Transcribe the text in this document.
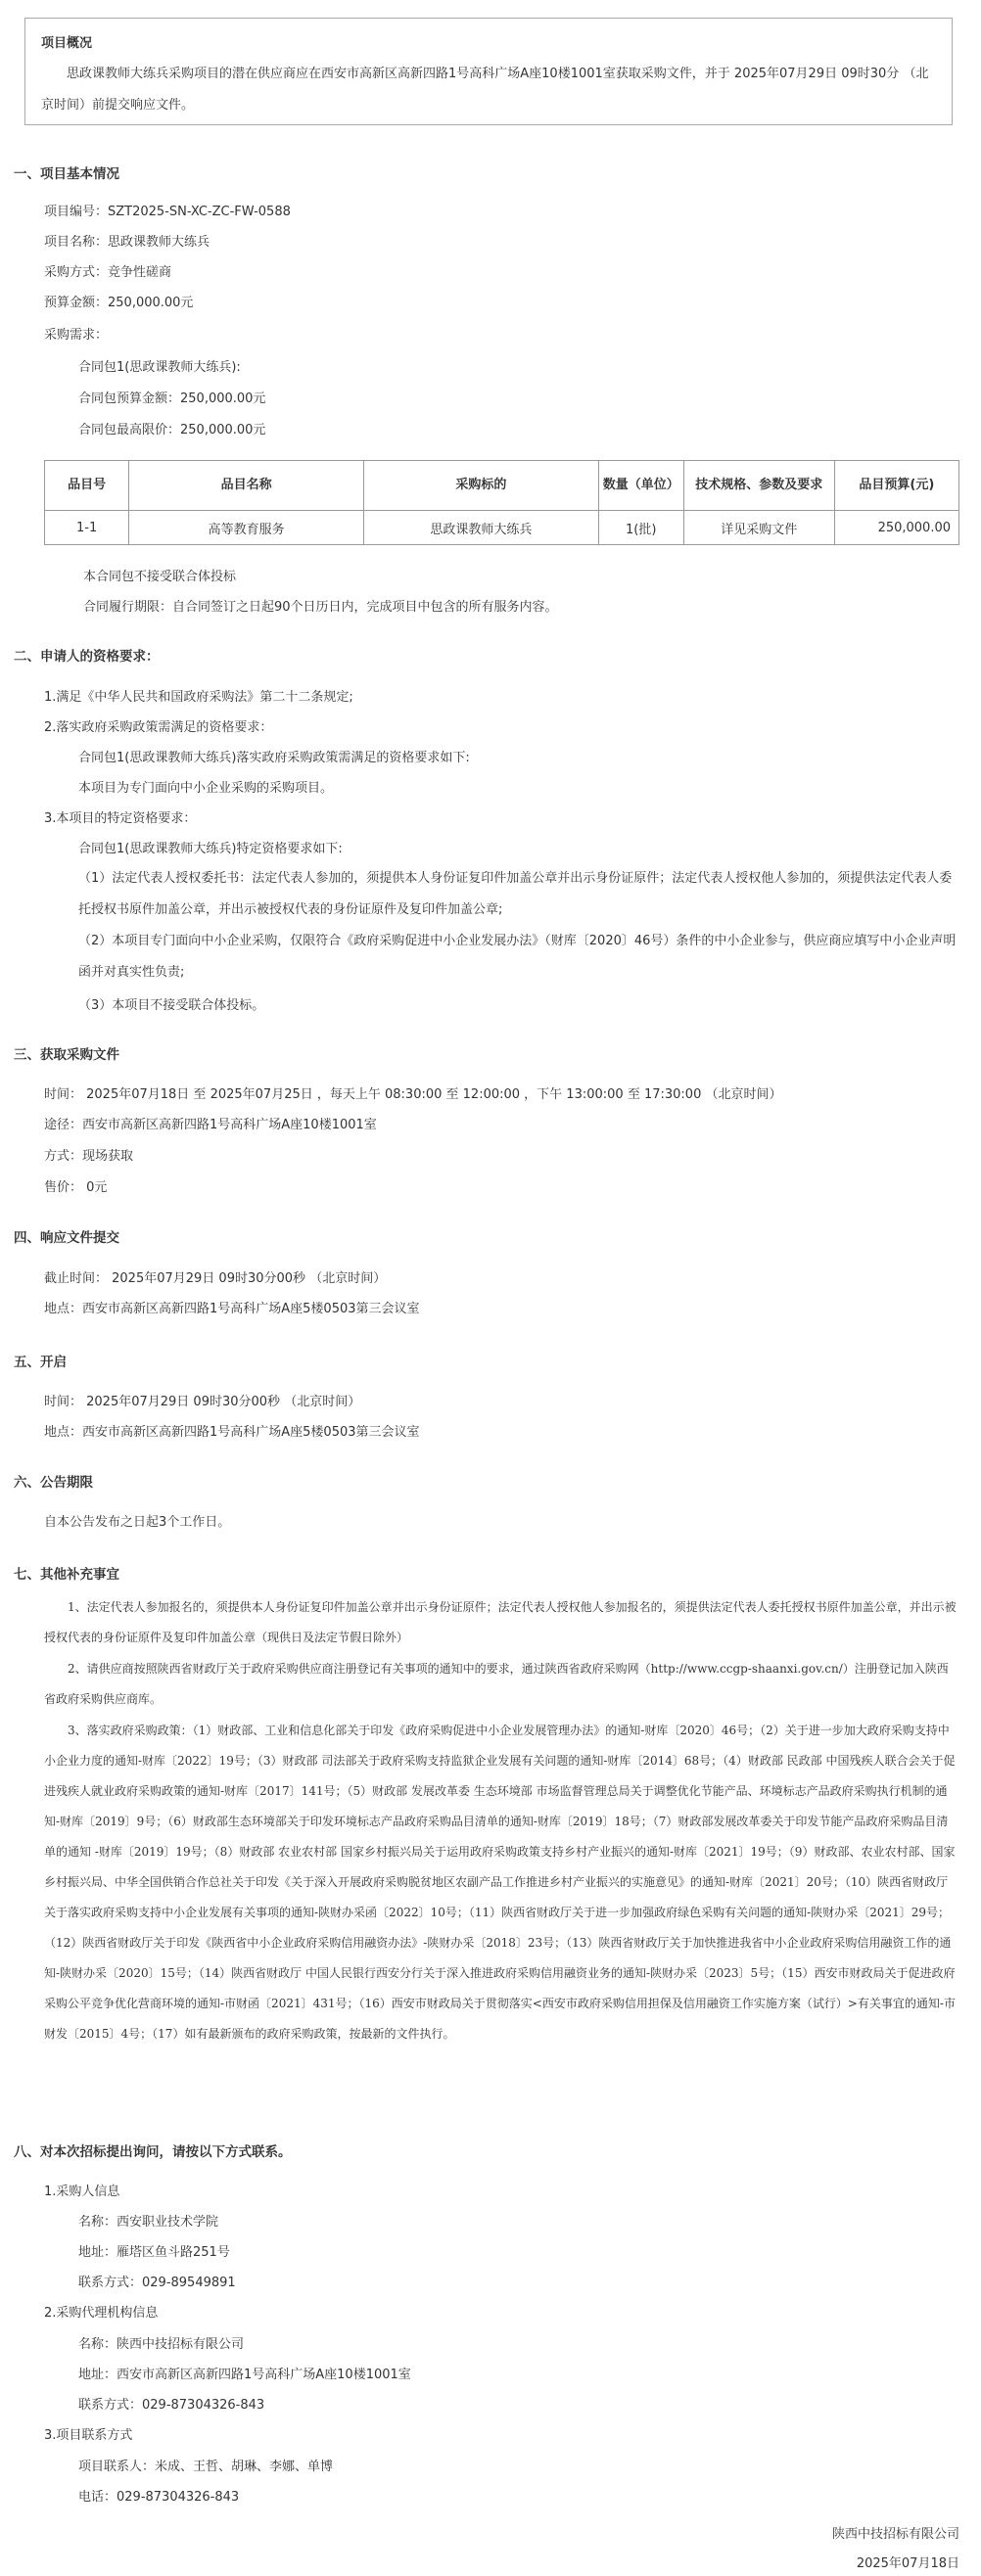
项目概况
思政课教师大练兵采购项目的潜在供应商应在西安市高新区高新四路1号高科广场A座10楼1001室获取采购文件，并于 2025年07月29日 09时30分 （北京时间）前提交响应文件。
一、项目基本情况
项目编号：SZT2025-SN-XC-ZC-FW-0588
项目名称：思政课教师大练兵
采购方式：竞争性磋商
预算金额：250,000.00元
采购需求：
合同包1(思政课教师大练兵):
合同包预算金额：250,000.00元
合同包最高限价：250,000.00元
品目号	品目名称	采购标的	数量（单位）	技术规格、参数及要求	品目预算(元)
1-1	高等教育服务	思政课教师大练兵	1(批)	详见采购文件	250,000.00
本合同包不接受联合体投标
合同履行期限：自合同签订之日起90个日历日内，完成项目中包含的所有服务内容。
二、申请人的资格要求：
1.满足《中华人民共和国政府采购法》第二十二条规定;
2.落实政府采购政策需满足的资格要求：
合同包1(思政课教师大练兵)落实政府采购政策需满足的资格要求如下:
本项目为专门面向中小企业采购的采购项目。
3.本项目的特定资格要求：
合同包1(思政课教师大练兵)特定资格要求如下:
（1）法定代表人授权委托书：法定代表人参加的，须提供本人身份证复印件加盖公章并出示身份证原件；法定代表人授权他人参加的，须提供法定代表人委托授权书原件加盖公章，并出示被授权代表的身份证原件及复印件加盖公章;
（2）本项目专门面向中小企业采购，仅限符合《政府采购促进中小企业发展办法》（财库〔2020〕46号）条件的中小企业参与，供应商应填写中小企业声明函并对真实性负责;
（3）本项目不接受联合体投标。
三、获取采购文件
时间： 2025年07月18日 至 2025年07月25日 ，每天上午 08:30:00 至 12:00:00 ，下午 13:00:00 至 17:30:00 （北京时间）
途径：西安市高新区高新四路1号高科广场A座10楼1001室
方式：现场获取
售价： 0元
四、响应文件提交
截止时间： 2025年07月29日 09时30分00秒 （北京时间）
地点：西安市高新区高新四路1号高科广场A座5楼0503第三会议室
五、开启
时间： 2025年07月29日 09时30分00秒 （北京时间）
地点：西安市高新区高新四路1号高科广场A座5楼0503第三会议室
六、公告期限
自本公告发布之日起3个工作日。
七、其他补充事宜
1、法定代表人参加报名的，须提供本人身份证复印件加盖公章并出示身份证原件；法定代表人授权他人参加报名的，须提供法定代表人委托授权书原件加盖公章，并出示被授权代表的身份证原件及复印件加盖公章（现供日及法定节假日除外）
2、请供应商按照陕西省财政厅关于政府采购供应商注册登记有关事项的通知中的要求，通过陕西省政府采购网（http://www.ccgp-shaanxi.gov.cn/）注册登记加入陕西省政府采购供应商库。
3、落实政府采购政策：（1）财政部、工业和信息化部关于印发《政府采购促进中小企业发展管理办法》的通知-财库〔2020〕46号；（2）关于进一步加大政府采购支持中小企业力度的通知-财库〔2022〕19号；（3）财政部 司法部关于政府采购支持监狱企业发展有关问题的通知-财库〔2014〕68号；（4）财政部 民政部 中国残疾人联合会关于促进残疾人就业政府采购政策的通知-财库〔2017〕141号；（5）财政部 发展改革委 生态环境部 市场监督管理总局关于调整优化节能产品、环境标志产品政府采购执行机制的通知-财库〔2019〕9号；（6）财政部生态环境部关于印发环境标志产品政府采购品目清单的通知-财库〔2019〕18号；（7）财政部发展改革委关于印发节能产品政府采购品目清单的通知 -财库〔2019〕19号；（8）财政部 农业农村部 国家乡村振兴局关于运用政府采购政策支持乡村产业振兴的通知-财库〔2021〕19号；（9）财政部、农业农村部、国家乡村振兴局、中华全国供销合作总社关于印发《关于深入开展政府采购脱贫地区农副产品工作推进乡村产业振兴的实施意见》的通知-财库〔2021〕20号；（10）陕西省财政厅关于落实政府采购支持中小企业发展有关事项的通知-陕财办采函〔2022〕10号；（11）陕西省财政厅关于进一步加强政府绿色采购有关问题的通知-陕财办采〔2021〕29号；（12）陕西省财政厅关于印发《陕西省中小企业政府采购信用融资办法》-陕财办采〔2018〕23号；（13）陕西省财政厅关于加快推进我省中小企业政府采购信用融资工作的通知-陕财办采〔2020〕15号；（14）陕西省财政厅 中国人民银行西安分行关于深入推进政府采购信用融资业务的通知-陕财办采〔2023〕5号；（15）西安市财政局关于促进政府采购公平竞争优化营商环境的通知-市财函〔2021〕431号；（16）西安市财政局关于贯彻落实<西安市政府采购信用担保及信用融资工作实施方案（试行）>有关事宜的通知-市财发〔2015〕4号；（17）如有最新颁布的政府采购政策，按最新的文件执行。
八、对本次招标提出询问，请按以下方式联系。
1.采购人信息
名称：西安职业技术学院
地址：雁塔区鱼斗路251号
联系方式：029-89549891
2.采购代理机构信息
名称：陕西中技招标有限公司
地址：西安市高新区高新四路1号高科广场A座10楼1001室
联系方式：029-87304326-843
3.项目联系方式
项目联系人：米成、王哲、胡琳、李娜、单博
电话：029-87304326-843
陕西中技招标有限公司
2025年07月18日
